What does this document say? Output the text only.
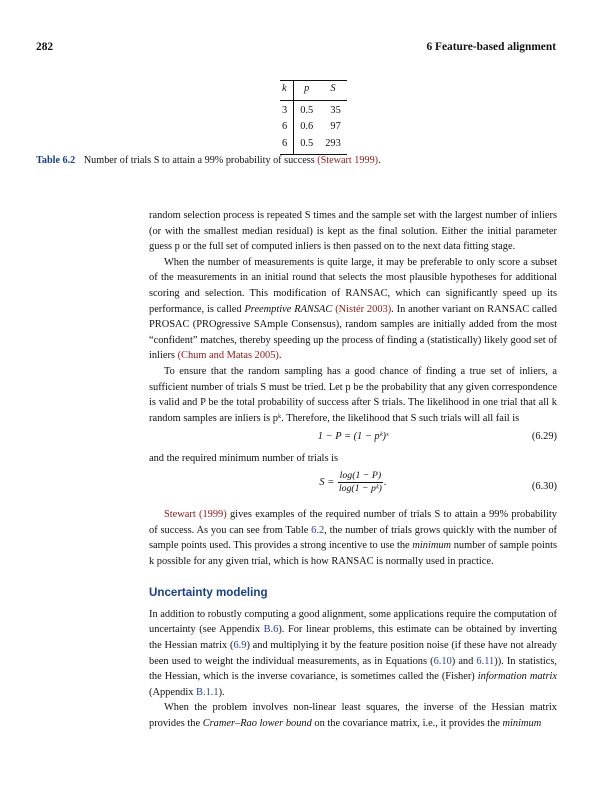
282	6 Feature-based alignment
k	p	S
3	0.5	35
6	0.6	97
6	0.5	293
Table 6.2 Number of trials S to attain a 99% probability of success (Stewart 1999).

random selection process is repeated S times and the sample set with the largest number of inliers (or with the smallest median residual) is kept as the final solution. Either the initial parameter guess p or the full set of computed inliers is then passed on to the next data fitting stage.

When the number of measurements is quite large, it may be preferable to only score a subset of the measurements in an initial round that selects the most plausible hypotheses for additional scoring and selection. This modification of RANSAC, which can significantly speed up its performance, is called Preemptive RANSAC (Nistér 2003). In another variant on RANSAC called PROSAC (PROgressive SAmple Consensus), random samples are initially added from the most “confident” matches, thereby speeding up the process of finding a (statistically) likely good set of inliers (Chum and Matas 2005).

To ensure that the random sampling has a good chance of finding a true set of inliers, a sufficient number of trials S must be tried. Let p be the probability that any given correspondence is valid and P be the total probability of success after S trials. The likelihood in one trial that all k random samples are inliers is pᵏ. Therefore, the likelihood that S such trials will all fail is

1 − P = (1 − pᵏ)ˢ	(6.29)

and the required minimum number of trials is

$S = \frac{\log(1 - P)}{\text{log(1 − pᵏ)}}$ .	(6.30)

Stewart (1999) gives examples of the required number of trials S to attain a 99% probability of success. As you can see from Table 6.2, the number of trials grows quickly with the number of sample points used. This provides a strong incentive to use the minimum number of sample points k possible for any given trial, which is how RANSAC is normally used in practice.

Uncertainty modeling

In addition to robustly computing a good alignment, some applications require the computation of uncertainty (see Appendix B.6). For linear problems, this estimate can be obtained by inverting the Hessian matrix (6.9) and multiplying it by the feature position noise (if these have not already been used to weight the individual measurements, as in Equations (6.10) and 6.11)). In statistics, the Hessian, which is the inverse covariance, is sometimes called the (Fisher) information matrix (Appendix B.1.1).

When the problem involves non-linear least squares, the inverse of the Hessian matrix provides the Cramer–Rao lower bound on the covariance matrix, i.e., it provides the minimum
